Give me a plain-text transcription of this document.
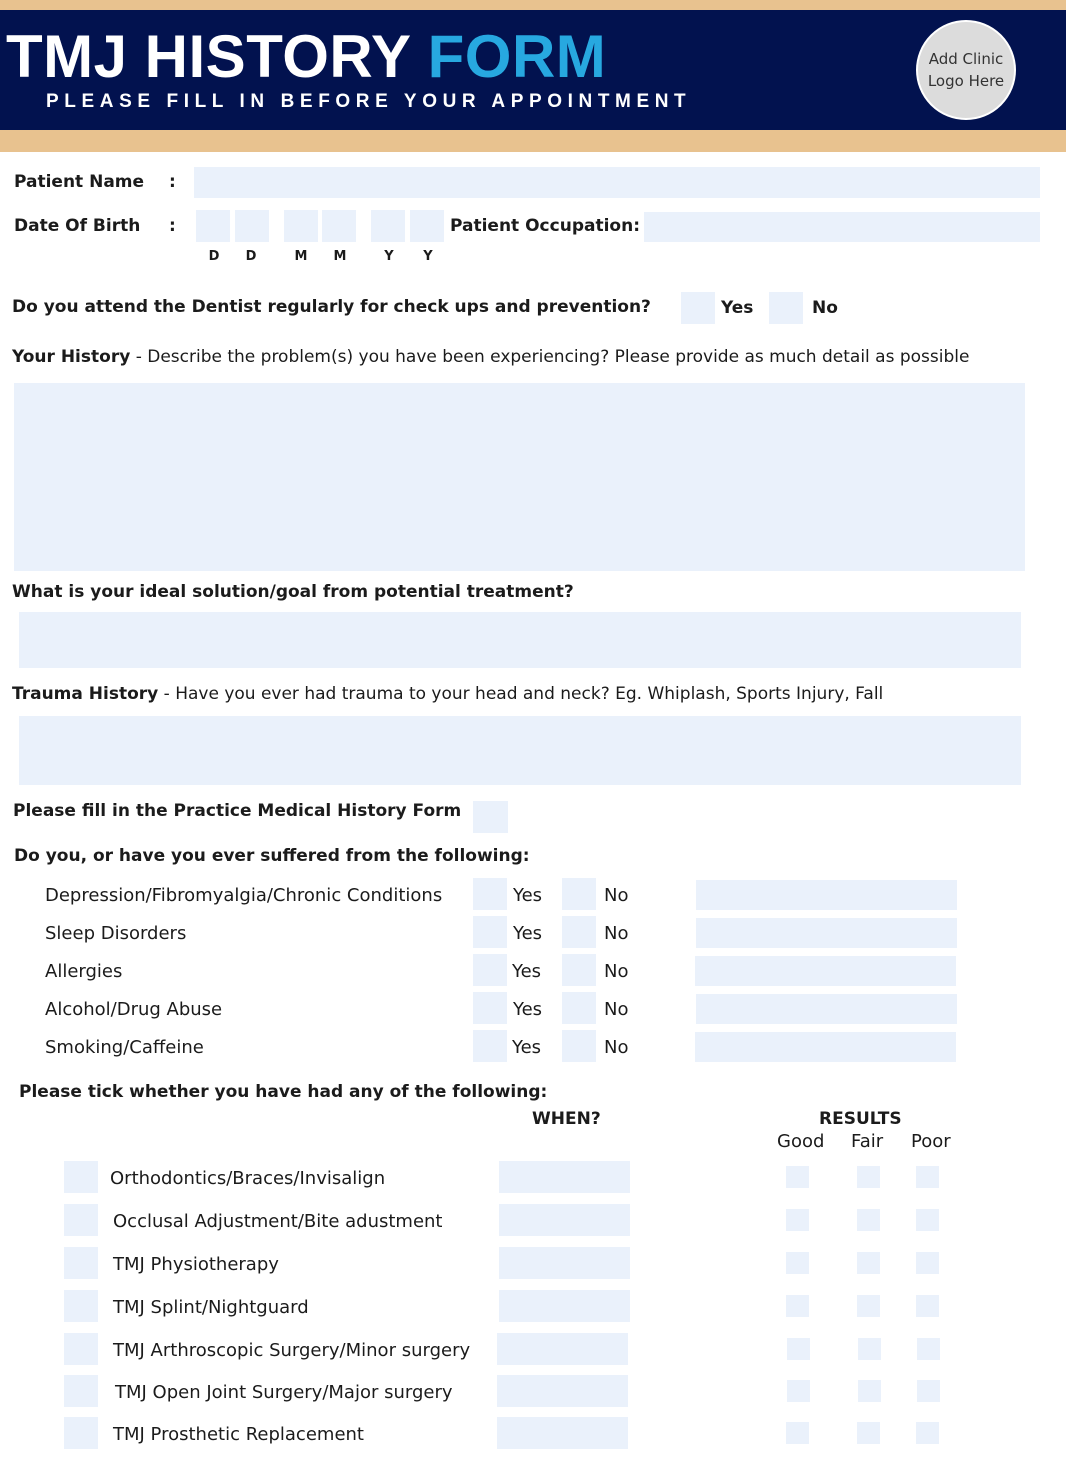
TMJ HISTORY FORM
PLEASE FILL IN BEFORE YOUR APPOINTMENT
Add Clinic Logo Here
Patient Name :
Date Of Birth :
D	D	M	M	Y	Y
Patient Occupation:
Do you attend the Dentist regularly for check ups and prevention?	Yes	No
Your History - Describe the problem(s) you have been experiencing? Please provide as much detail as possible
What is your ideal solution/goal from potential treatment?
Trauma History - Have you ever had trauma to your head and neck? Eg. Whiplash, Sports Injury, Fall
Please fill in the Practice Medical History Form
Do you, or have you ever suffered from the following:
Depression/Fibromyalgia/Chronic Conditions	Yes	No
Sleep Disorders	Yes	No
Allergies	Yes	No
Alcohol/Drug Abuse	Yes	No
Smoking/Caffeine	Yes	No
Please tick whether you have had any of the following:
WHEN?	RESULTS
Good Fair Poor
Orthodontics/Braces/Invisalign
Occlusal Adjustment/Bite adustment
TMJ Physiotherapy
TMJ Splint/Nightguard
TMJ Arthroscopic Surgery/Minor surgery
TMJ Open Joint Surgery/Major surgery
TMJ Prosthetic Replacement
